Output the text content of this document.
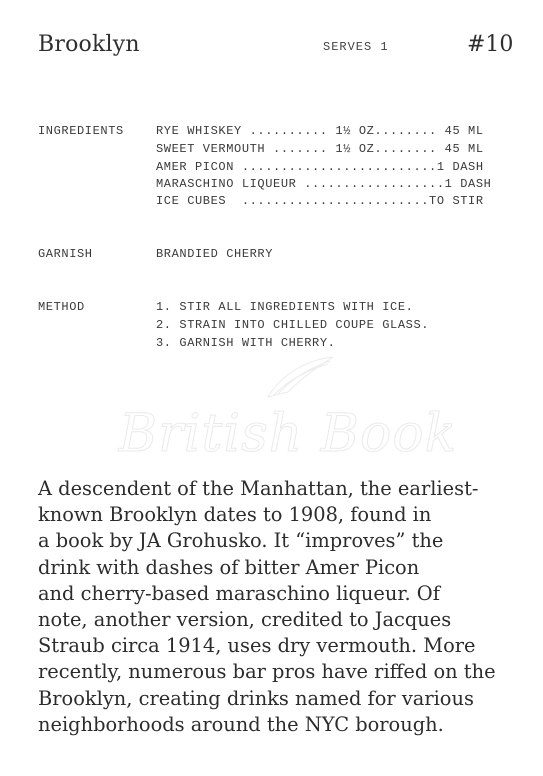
Brooklyn	SERVES 1	#10
INGREDIENTS	RYE WHISKEY .......... 1½ OZ........ 45 ML
SWEET VERMOUTH ....... 1½ OZ........ 45 ML
AMER PICON .........................1 DASH
MARASCHINO LIQUEUR ..................1 DASH
ICE CUBES  ........................TO STIR
GARNISH	BRANDIED CHERRY
METHOD	1. STIR ALL INGREDIENTS WITH ICE.
2. STRAIN INTO CHILLED COUPE GLASS.
3. GARNISH WITH CHERRY.
British Book
A descendent of the Manhattan, the earliest-
known Brooklyn dates to 1908, found in
a book by JA Grohusko. It “improves” the
drink with dashes of bitter Amer Picon
and cherry-based maraschino liqueur. Of
note, another version, credited to Jacques
Straub circa 1914, uses dry vermouth. More
recently, numerous bar pros have riffed on the
Brooklyn, creating drinks named for various
neighborhoods around the NYC borough.
